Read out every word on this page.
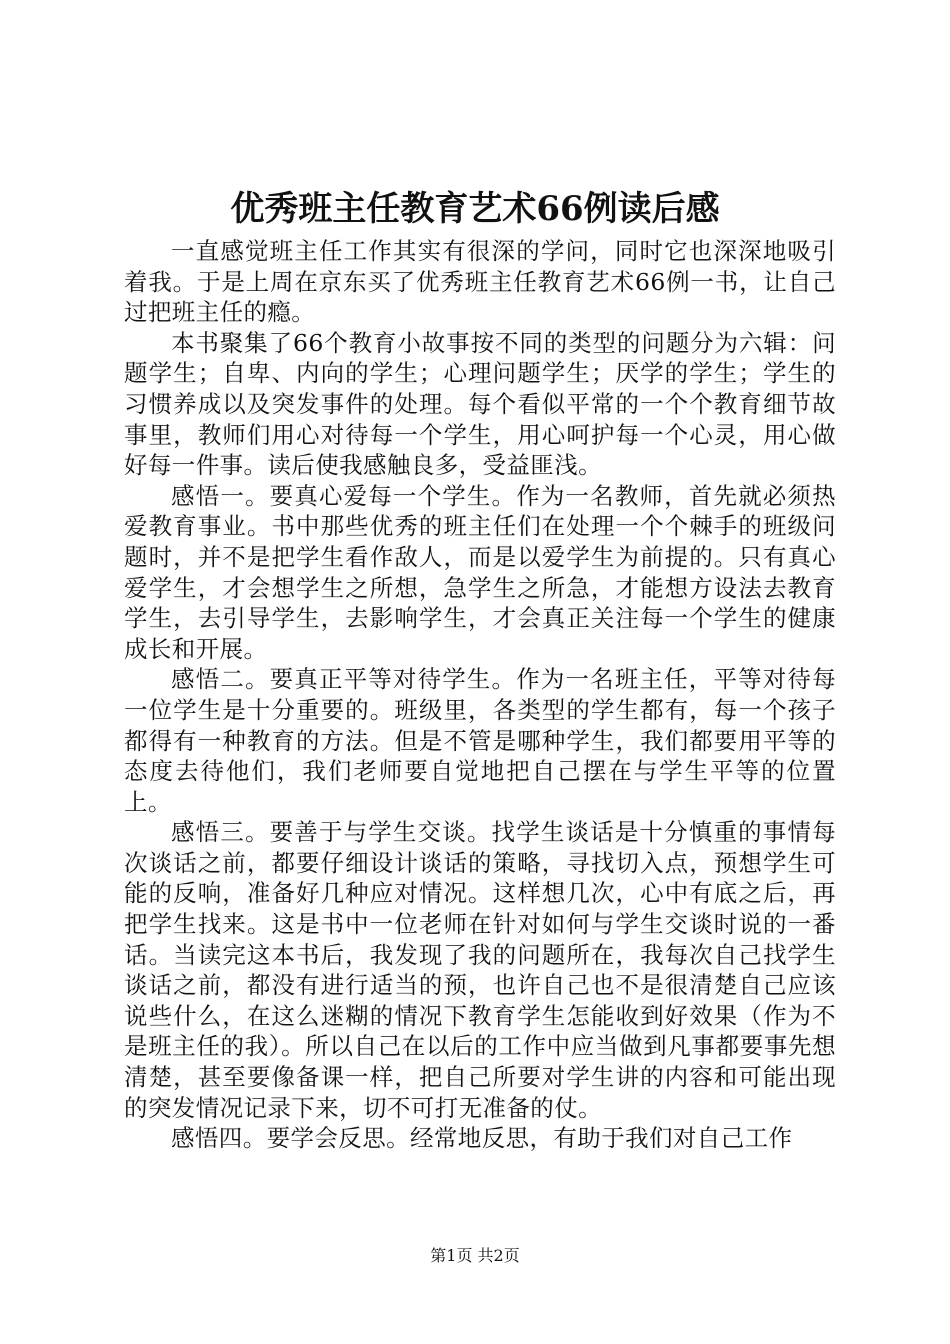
优秀班主任教育艺术66例读后感

一直感觉班主任工作其实有很深的学问，同时它也深深地吸引着我。于是上周在京东买了优秀班主任教育艺术66例一书，让自己过把班主任的瘾。

本书聚集了66个教育小故事按不同的类型的问题分为六辑：问题学生；自卑、内向的学生；心理问题学生；厌学的学生；学生的习惯养成以及突发事件的处理。每个看似平常的一个个教育细节故事里，教师们用心对待每一个学生，用心呵护每一个心灵，用心做好每一件事。读后使我感触良多，受益匪浅。

感悟一。要真心爱每一个学生。作为一名教师，首先就必须热爱教育事业。书中那些优秀的班主任们在处理一个个棘手的班级问题时，并不是把学生看作敌人，而是以爱学生为前提的。只有真心爱学生，才会想学生之所想，急学生之所急，才能想方设法去教育学生，去引导学生，去影响学生，才会真正关注每一个学生的健康成长和开展。

感悟二。要真正平等对待学生。作为一名班主任，平等对待每一位学生是十分重要的。班级里，各类型的学生都有，每一个孩子都得有一种教育的方法。但是不管是哪种学生，我们都要用平等的态度去待他们，我们老师要自觉地把自己摆在与学生平等的位置上。

感悟三。要善于与学生交谈。找学生谈话是十分慎重的事情每次谈话之前，都要仔细设计谈话的策略，寻找切入点，预想学生可能的反响，准备好几种应对情况。这样想几次，心中有底之后，再把学生找来。这是书中一位老师在针对如何与学生交谈时说的一番话。当读完这本书后，我发现了我的问题所在，我每次自己找学生谈话之前，都没有进行适当的预，也许自己也不是很清楚自己应该说些什么，在这么迷糊的情况下教育学生怎能收到好效果（作为不是班主任的我）。所以自己在以后的工作中应当做到凡事都要事先想清楚，甚至要像备课一样，把自己所要对学生讲的内容和可能出现的突发情况记录下来，切不可打无准备的仗。

感悟四。要学会反思。经常地反思，有助于我们对自己工作

第1页 共2页
